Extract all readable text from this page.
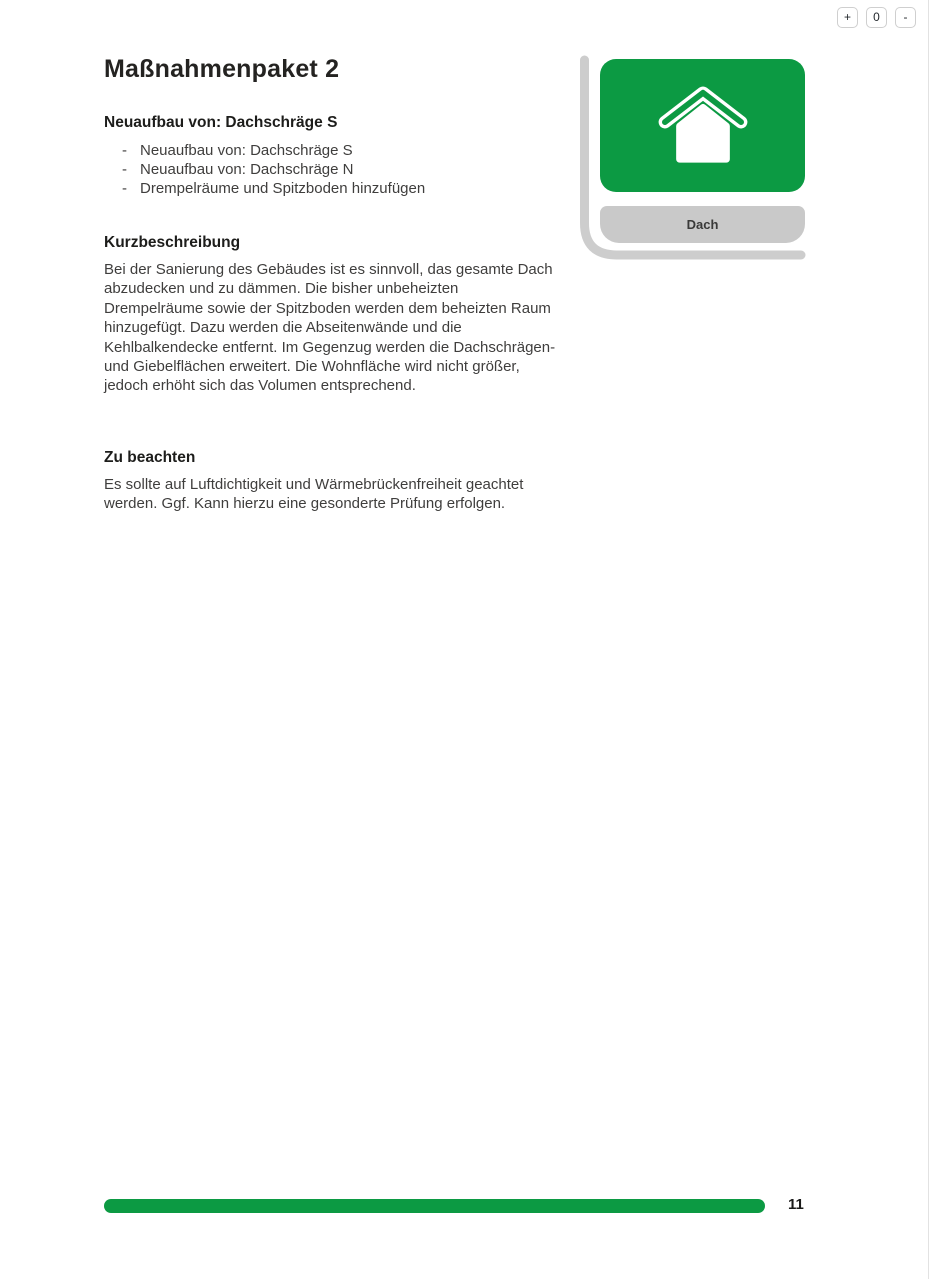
+	0	-
Maßnahmenpaket 2
Neuaufbau von: Dachschräge S
- Neuaufbau von: Dachschräge S
- Neuaufbau von: Dachschräge N
- Drempelräume und Spitzboden hinzufügen
Kurzbeschreibung

Bei der Sanierung des Gebäudes ist es sinnvoll, das gesamte Dach abzudecken und zu dämmen. Die bisher unbeheizten Drempelräume sowie der Spitzboden werden dem beheizten Raum hinzugefügt. Dazu werden die Abseitenwände und die Kehlbalkendecke entfernt. Im Gegenzug werden die Dachschrägen- und Giebelflächen erweitert. Die Wohnfläche wird nicht größer, jedoch erhöht sich das Volumen entsprechend.

Zu beachten

Es sollte auf Luftdichtigkeit und Wärmebrückenfreiheit geachtet werden. Ggf. Kann hierzu eine gesonderte Prüfung erfolgen.

Dach
11
